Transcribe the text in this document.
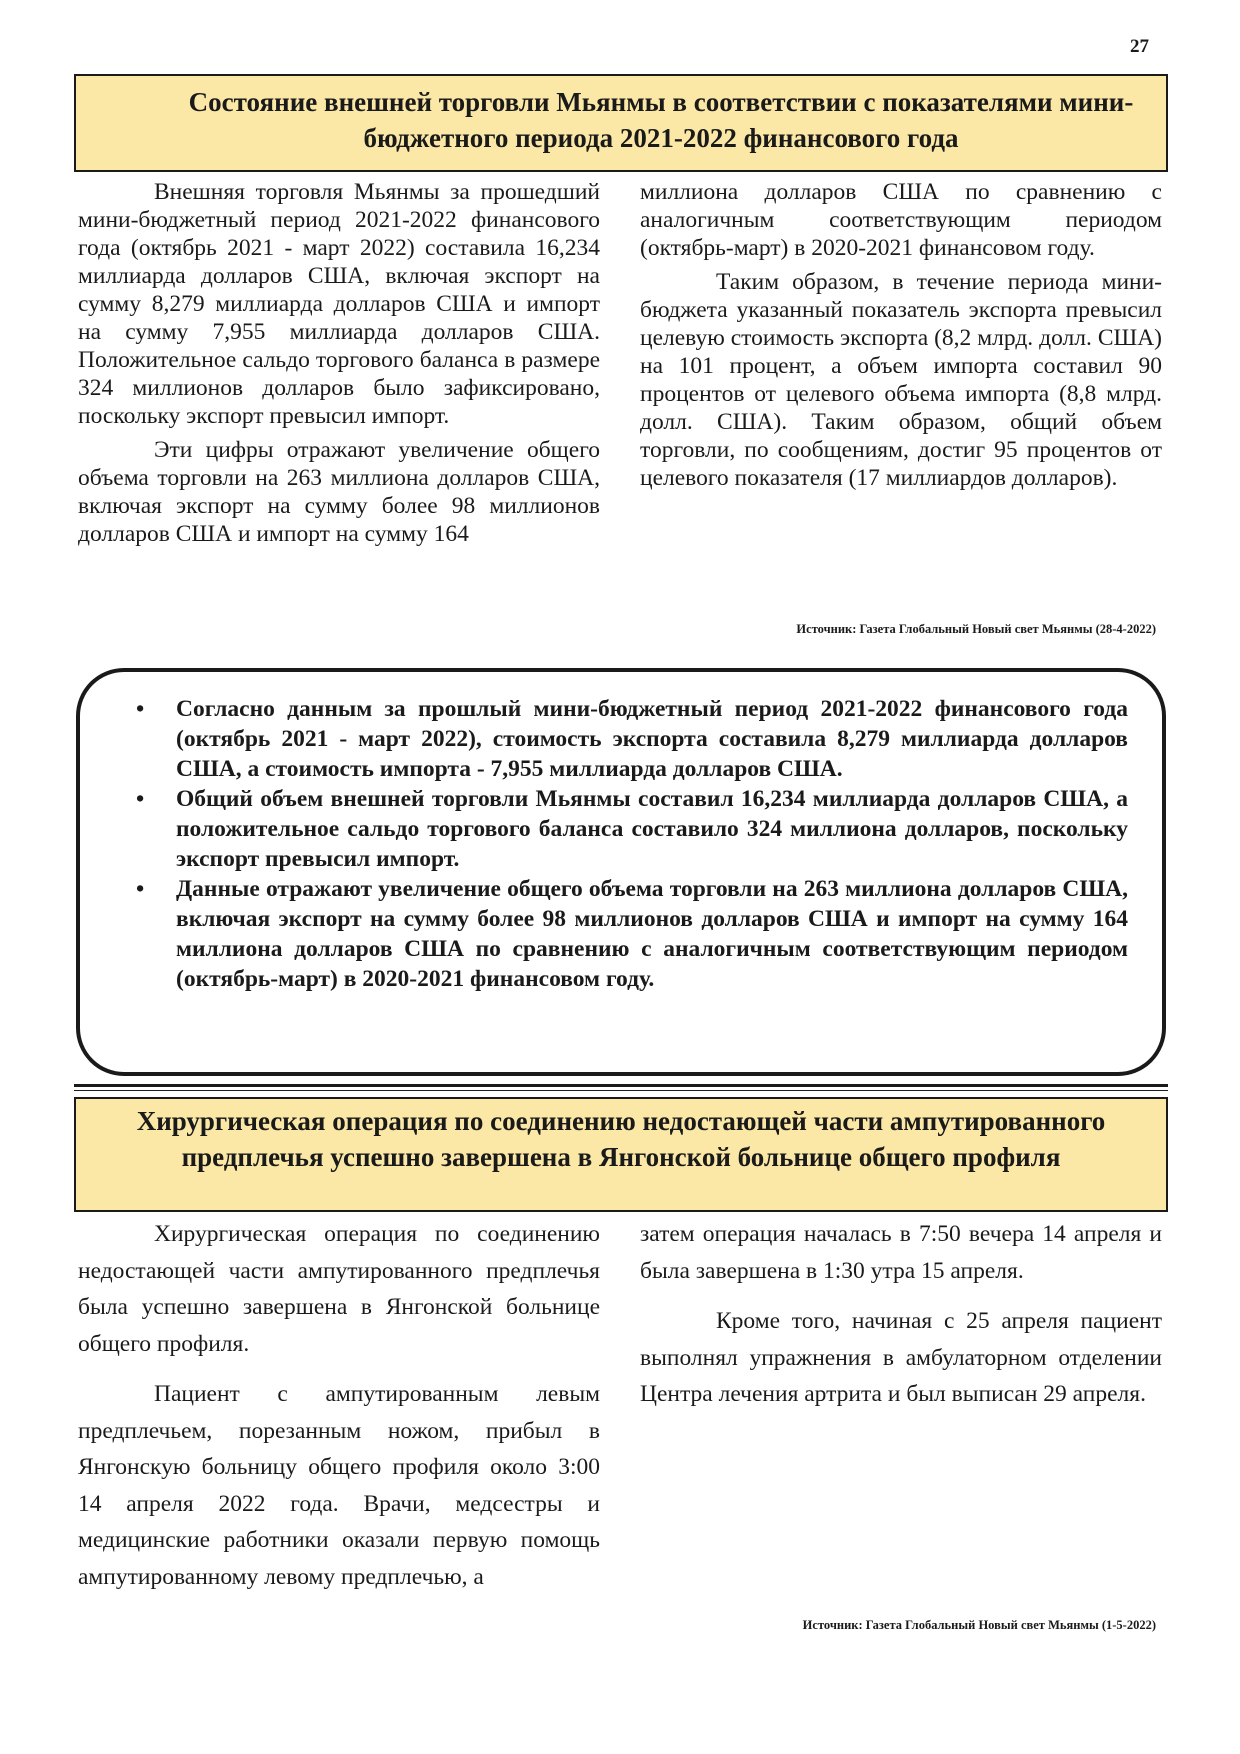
27
Состояние внешней торговли Мьянмы в соответствии с показателями мини-бюджетного периода 2021-2022 финансового года

Внешняя торговля Мьянмы за прошедший мини-бюджетный период 2021-2022 финансового года (октябрь 2021 - март 2022) составила 16,234 миллиарда долларов США, включая экспорт на сумму 8,279 миллиарда долларов США и импорт на сумму 7,955 миллиарда долларов США. Положительное сальдо торгового баланса в размере 324 миллионов долларов было зафиксировано, поскольку экспорт превысил импорт.

Эти цифры отражают увеличение общего объема торговли на 263 миллиона долларов США, включая экспорт на сумму более 98 миллионов долларов США и импорт на сумму 164

миллиона долларов США по сравнению с аналогичным соответствующим периодом (октябрь-март) в 2020-2021 финансовом году.

Таким образом, в течение периода мини-бюджета указанный показатель экспорта превысил целевую стоимость экспорта (8,2 млрд. долл. США) на 101 процент, а объем импорта составил 90 процентов от целевого объема импорта (8,8 млрд. долл. США). Таким образом, общий объем торговли, по сообщениям, достиг 95 процентов от целевого показателя (17 миллиардов долларов).

Источник: Газета Глобальный Новый свет Мьянмы (28-4-2022)
• Согласно данным за прошлый мини-бюджетный период 2021-2022 финансового года (октябрь 2021 - март 2022), стоимость экспорта составила 8,279 миллиарда долларов США, а стоимость импорта - 7,955 миллиарда долларов США.
• Общий объем внешней торговли Мьянмы составил 16,234 миллиарда долларов США, а положительное сальдо торгового баланса составило 324 миллиона долларов, поскольку экспорт превысил импорт.
• Данные отражают увеличение общего объема торговли на 263 миллиона долларов США, включая экспорт на сумму более 98 миллионов долларов США и импорт на сумму 164 миллиона долларов США по сравнению с аналогичным соответствующим периодом (октябрь-март) в 2020-2021 финансовом году.
Хирургическая операция по соединению недостающей части ампутированного предплечья успешно завершена в Янгонской больнице общего профиля

Хирургическая операция по соединению недостающей части ампутированного предплечья была успешно завершена в Янгонской больнице общего профиля.

Пациент с ампутированным левым предплечьем, порезанным ножом, прибыл в Янгонскую больницу общего профиля около 3:00 14 апреля 2022 года. Врачи, медсестры и медицинские работники оказали первую помощь ампутированному левому предплечью, а

затем операция началась в 7:50 вечера 14 апреля и была завершена в 1:30 утра 15 апреля.

Кроме того, начиная с 25 апреля пациент выполнял упражнения в амбулаторном отделении Центра лечения артрита и был выписан 29 апреля.

Источник: Газета Глобальный Новый свет Мьянмы (1-5-2022)
